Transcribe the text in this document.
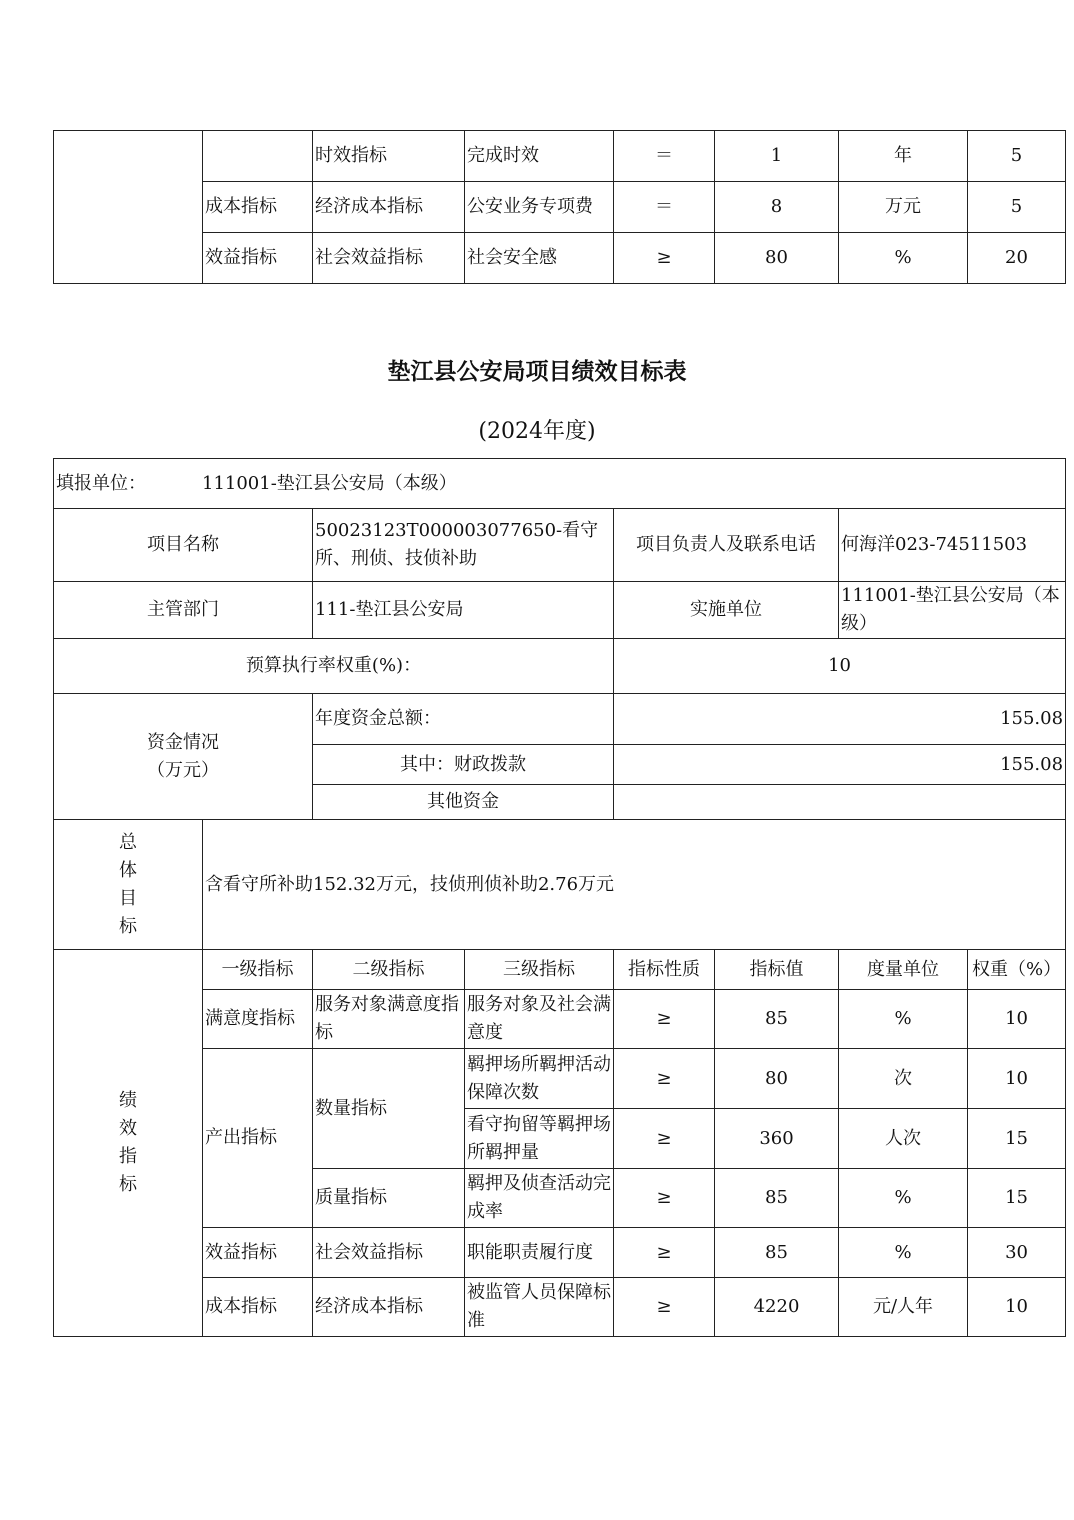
		时效指标	完成时效	＝	1	年	5
	成本指标	经济成本指标	公安业务专项费	＝	8	万元	5
	效益指标	社会效益指标	社会安全感	≥	80	%	20
垫江县公安局项目绩效目标表
(2024年度)
填报单位： 111001-垫江县公安局（本级）							
项目名称		50023123T000003077650-看守所、刑侦、技侦补助		项目负责人及联系电话		何海洋023-74511503	
主管部门		111-垫江县公安局		实施单位		111001-垫江县公安局（本级）	
预算执行率权重(%)：				10			

资金情况
（万元）		年度资金总额：		155.08			
		其中：财政拨款		155.08			
		其他资金					

总
体
目
标	含看守所补助152.32万元，技侦刑侦补助2.76万元						

绩
效
指
标	一级指标	二级指标	三级指标	指标性质	指标值	度量单位	权重（%）
	满意度指标	服务对象满意度指标	服务对象及社会满意度	≥	85	%	10
	产出指标	数量指标	羁押场所羁押活动保障次数	≥	80	次	10
			看守拘留等羁押场所羁押量	≥	360	人次	15
		质量指标	羁押及侦查活动完成率	≥	85	%	15
	效益指标	社会效益指标	职能职责履行度	≥	85	%	30
	成本指标	经济成本指标	被监管人员保障标准	≥	4220	元/人年	10
